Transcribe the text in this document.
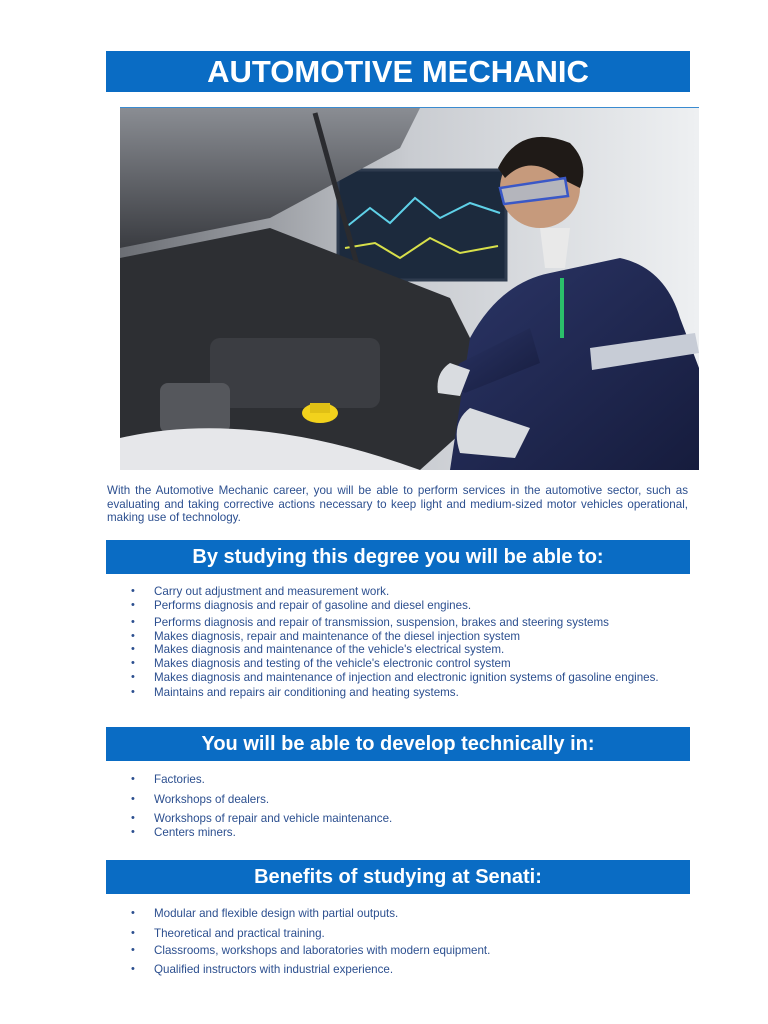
AUTOMOTIVE MECHANIC
With the Automotive Mechanic career, you will be able to perform services in the automotive sector, such as evaluating and taking corrective actions necessary to keep light and medium-sized motor vehicles operational, making use of technology.
By studying this degree you will be able to:
• Carry out adjustment and measurement work.
• Performs diagnosis and repair of gasoline and diesel engines.
• Performs diagnosis and repair of transmission, suspension, brakes and steering systems
• Makes diagnosis, repair and maintenance of the diesel injection system
• Makes diagnosis and maintenance of the vehicle's electrical system.
• Makes diagnosis and testing of the vehicle's electronic control system
• Makes diagnosis and maintenance of injection and electronic ignition systems of gasoline engines.
• Maintains and repairs air conditioning and heating systems.
You will be able to develop technically in:
• Factories.
• Workshops of dealers.
• Workshops of repair and vehicle maintenance.
• Centers miners.
Benefits of studying at Senati:
• Modular and flexible design with partial outputs.
• Theoretical and practical training.
• Classrooms, workshops and laboratories with modern equipment.
• Qualified instructors with industrial experience.
